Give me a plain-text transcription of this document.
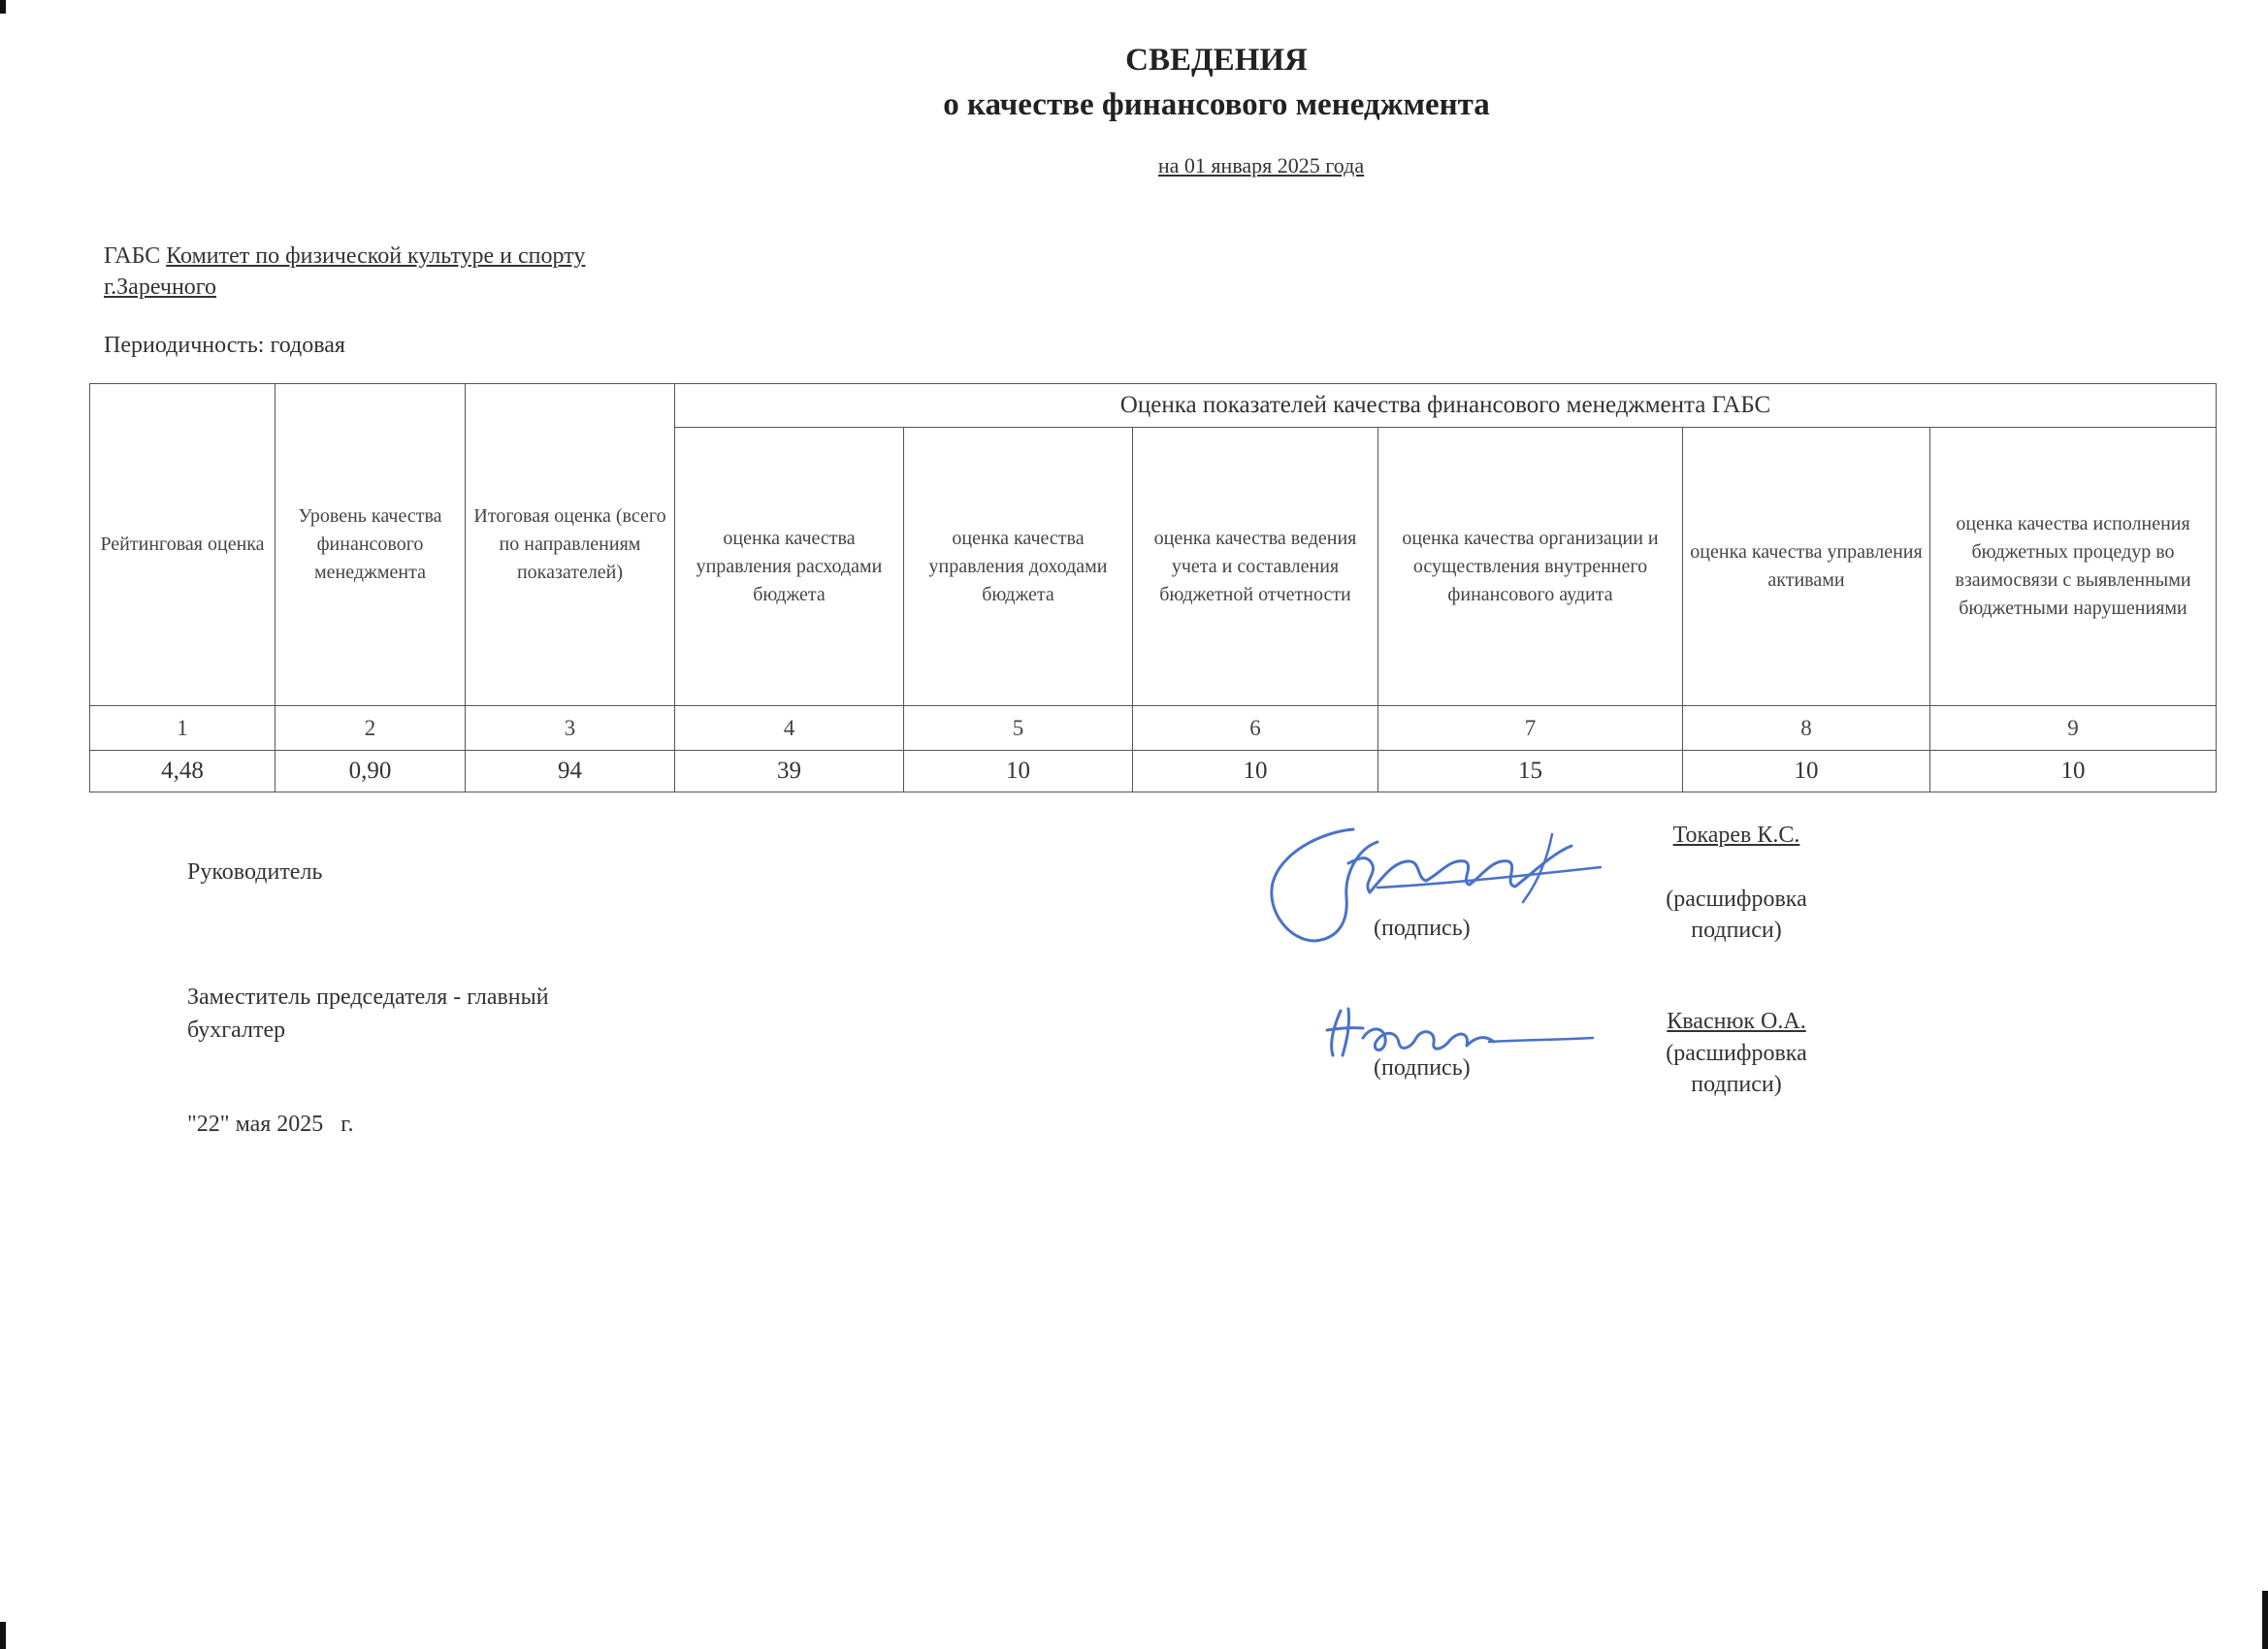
СВЕДЕНИЯ
о качестве финансового менеджмента
на 01 января 2025 года
ГАБС Комитет по физической культуре и спорту
г.Заречного
Периодичность: годовая
Рейтинговая оценка	Уровень качества финансового менеджмента	Итоговая оценка (всего по направлениям показателей)	Оценка показателей качества финансового менеджмента ГАБС					
			оценка качества управления расходами бюджета	оценка качества управления доходами бюджета	оценка качества ведения учета и составления бюджетной отчетности	оценка качества организации и осуществления внутреннего финансового аудита	оценка качества управления активами	оценка качества исполнения бюджетных процедур во взаимосвязи с выявленными бюджетными нарушениями
1	2	3	4	5	6	7	8	9
4,48	0,90	94	39	10	10	15	10	10
Руководитель
Заместитель председателя - главный бухгалтер
"22" мая 2025   г.
(подпись)
Токарев К.С.
(расшифровка подписи)
(подпись)
Кваснюк О.А.
(расшифровка подписи)
